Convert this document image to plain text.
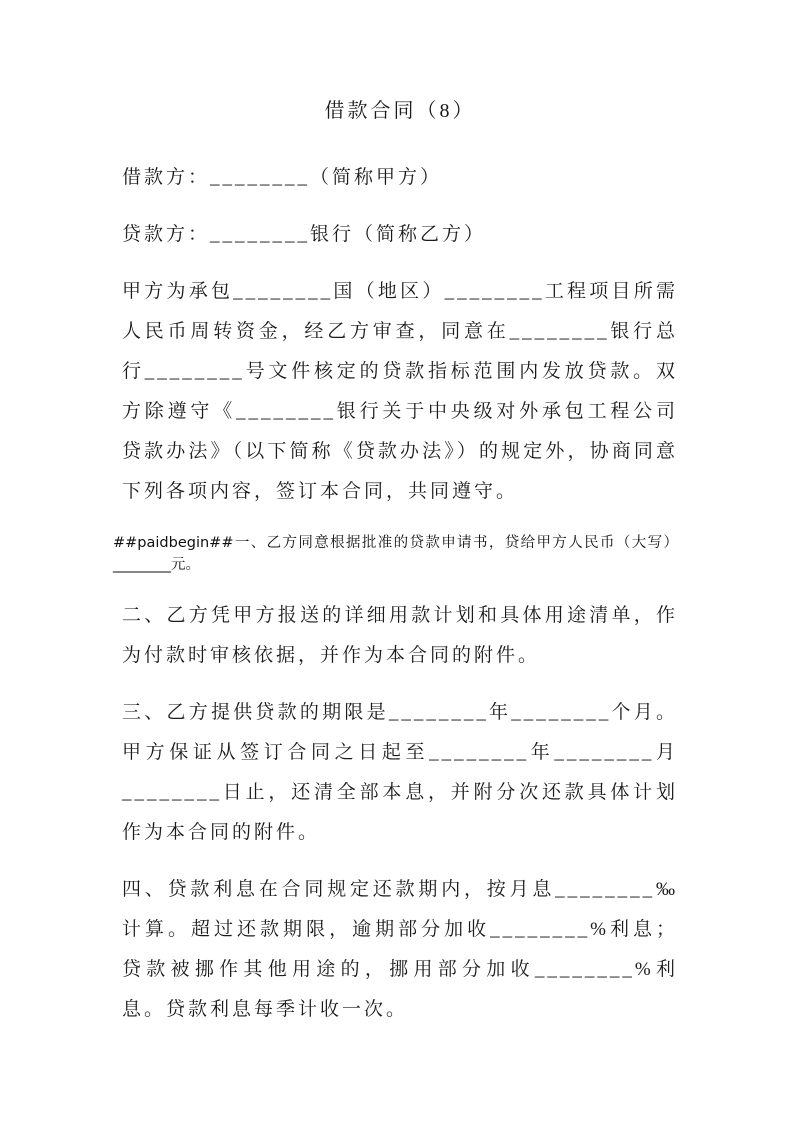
借款合同（8）

借款方：________（简称甲方）

贷款方：________银行（简称乙方）

甲方为承包________国（地区）________工程项目所需人民币周转资金，经乙方审查，同意在________银行总行________号文件核定的贷款指标范围内发放贷款。双方除遵守《________银行关于中央级对外承包工程公司贷款办法》（以下简称《贷款办法》）的规定外，协商同意下列各项内容，签订本合同，共同遵守。

##paidbegin##一、乙方同意根据批准的贷款申请书，贷给甲方人民币（大写）________元。

二、乙方凭甲方报送的详细用款计划和具体用途清单，作为付款时审核依据，并作为本合同的附件。

三、乙方提供贷款的期限是________年________个月。甲方保证从签订合同之日起至________年________月________日止，还清全部本息，并附分次还款具体计划作为本合同的附件。

四、贷款利息在合同规定还款期内，按月息________‰计算。超过还款期限，逾期部分加收________%利息；贷款被挪作其他用途的，挪用部分加收________%利息。贷款利息每季计收一次。
